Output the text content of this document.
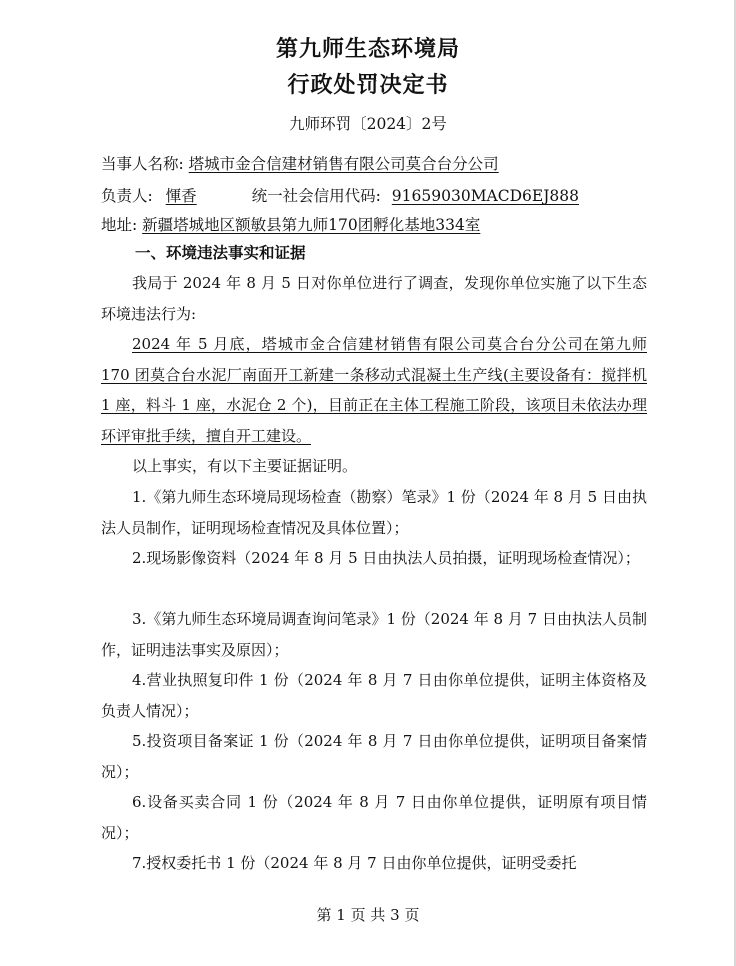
第九师生态环境局
行政处罚决定书
九师环罚〔2024〕2号
当事人名称: 塔城市金合信建材销售有限公司莫合台分公司
负责人: 惲香	统一社会信用代码: 91659030MACD6EJ888
地址: 新疆塔城地区额敏县第九师170团孵化基地334室
一、环境违法事实和证据

我局于 2024 年 8 月 5 日对你单位进行了调查，发现你单位实施了以下生态环境违法行为:

2024 年 5 月底，塔城市金合信建材销售有限公司莫合台分公司在第九师 170 团莫合台水泥厂南面开工新建一条移动式混凝土生产线(主要设备有：搅拌机 1 座，料斗 1 座，水泥仓 2 个)，目前正在主体工程施工阶段，该项目未依法办理环评审批手续，擅自开工建设。

以上事实，有以下主要证据证明。

1.《第九师生态环境局现场检查（勘察）笔录》1 份（2024 年 8 月 5 日由执法人员制作，证明现场检查情况及具体位置）；

2.现场影像资料（2024 年 8 月 5 日由执法人员拍摄，证明现场检查情况）；

3.《第九师生态环境局调查询问笔录》1 份（2024 年 8 月 7 日由执法人员制作，证明违法事实及原因）；

4.营业执照复印件 1 份（2024 年 8 月 7 日由你单位提供，证明主体资格及负责人情况）；

5.投资项目备案证 1 份（2024 年 8 月 7 日由你单位提供，证明项目备案情况）；

6.设备买卖合同 1 份（2024 年 8 月 7 日由你单位提供，证明原有项目情况）；

7.授权委托书 1 份（2024 年 8 月 7 日由你单位提供，证明受委托

第 1 页 共 3 页
